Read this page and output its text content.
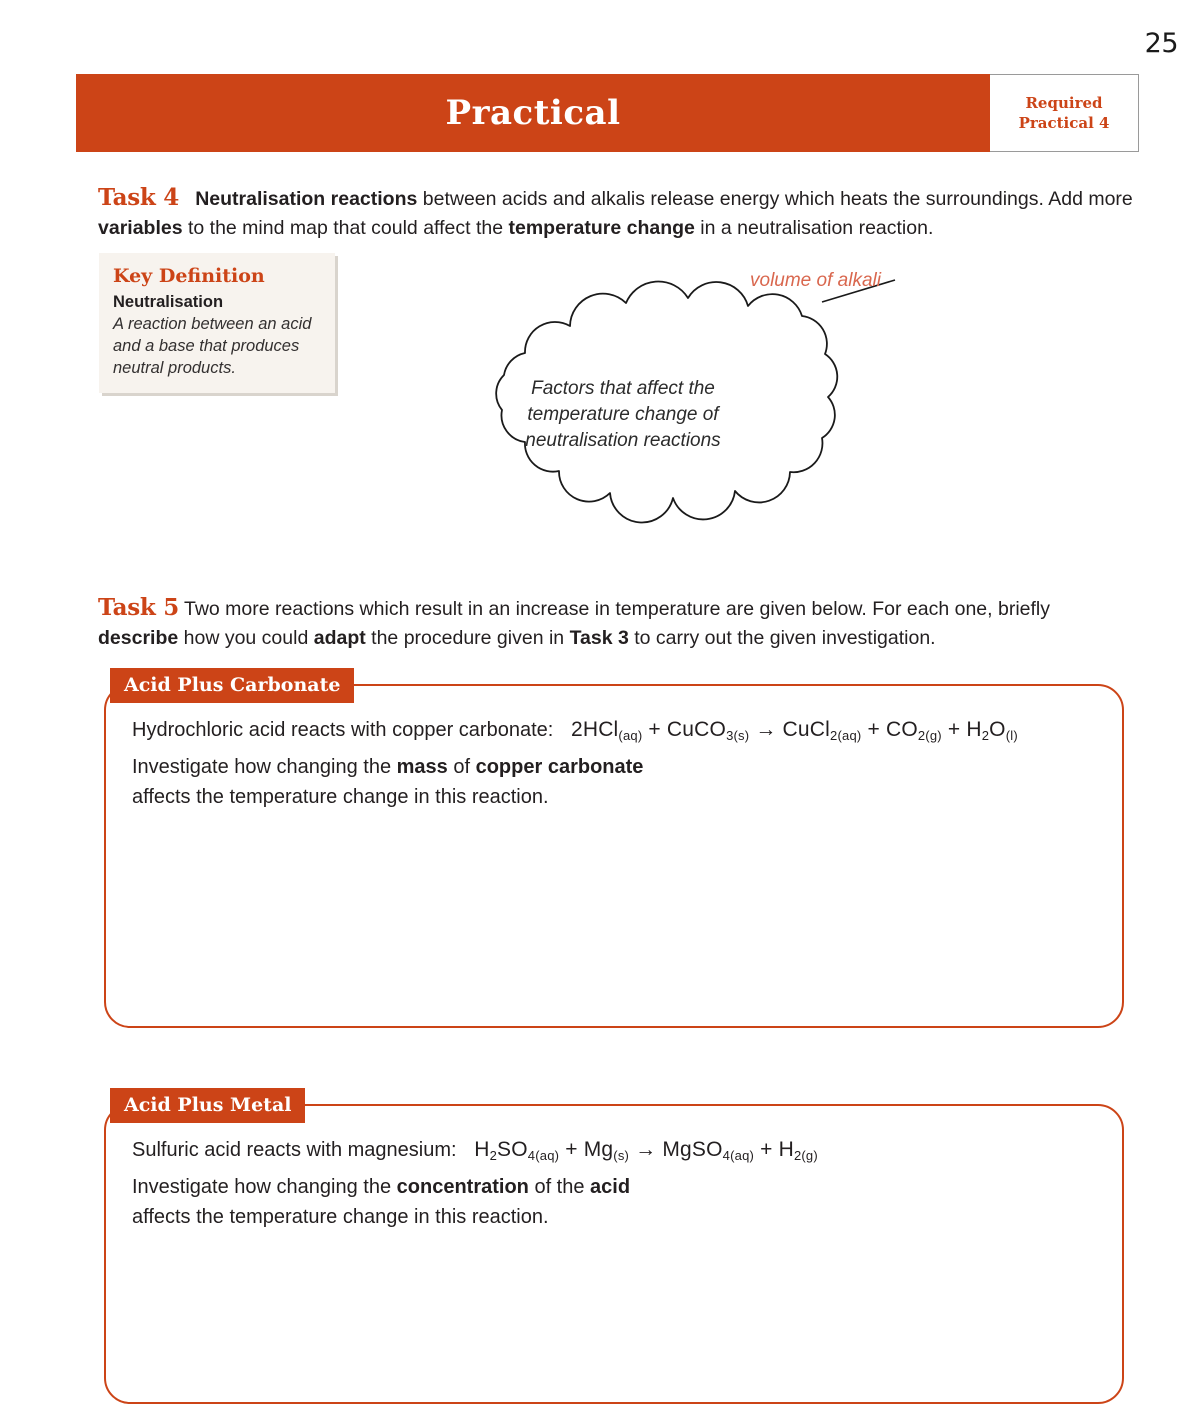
25
Practical	Required
Practical 4
Task 4 Neutralisation reactions between acids and alkalis release energy which heats the surroundings. Add more variables to the mind map that could affect the temperature change in a neutralisation reaction.
Key Definition
Neutralisation
A reaction between an acid and a base that produces neutral products.
Factors that affect the temperature change of neutralisation reactions
volume of alkali
Task 5 Two more reactions which result in an increase in temperature are given below. For each one, briefly describe how you could adapt the procedure given in Task 3 to carry out the given investigation.
Acid Plus Carbonate
Hydrochloric acid reacts with copper carbonate:   2HCl$_{(aq)}$ + CuCO$_{3(s)}$ → CuCl$_{2(aq)}$ + $CO_{2(g)} + H_2O_{(l)}$
Investigate how changing the mass of copper carbonate
affects the temperature change in this reaction.
Acid Plus Metal
Sulfuric acid reacts with magnesium:   $H_2SO_{4(aq)} + Mg_{(s)}$ → MgSO$_{4(aq)}$ + $H_{2(g)}$
Investigate how changing the concentration of the acid
affects the temperature change in this reaction.
